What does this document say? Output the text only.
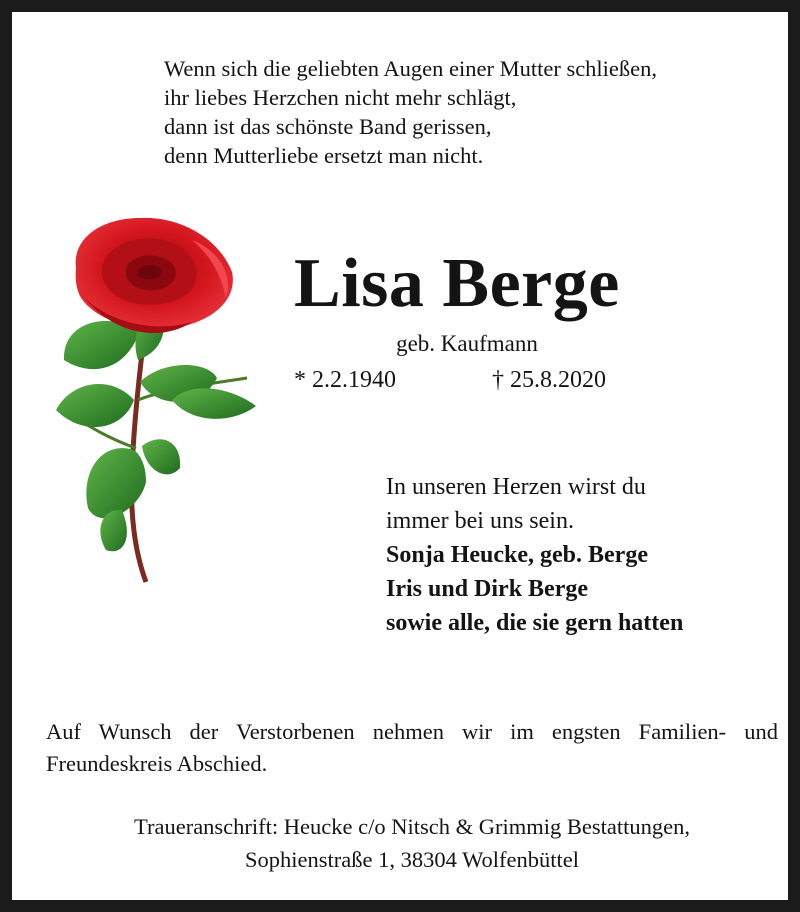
Wenn sich die geliebten Augen einer Mutter schließen,
ihr liebes Herzchen nicht mehr schlägt,
dann ist das schönste Band gerissen,
denn Mutterliebe ersetzt man nicht.
Lisa Berge
geb. Kaufmann
* 2.2.1940	† 25.8.2020
In unseren Herzen wirst du
immer bei uns sein.
Sonja Heucke, geb. Berge
Iris und Dirk Berge
sowie alle, die sie gern hatten
Auf Wunsch der Verstorbenen nehmen wir im engsten Familien- und Freundeskreis Abschied.
Traueranschrift: Heucke c/o Nitsch & Grimmig Bestattungen,
Sophienstraße 1, 38304 Wolfenbüttel
